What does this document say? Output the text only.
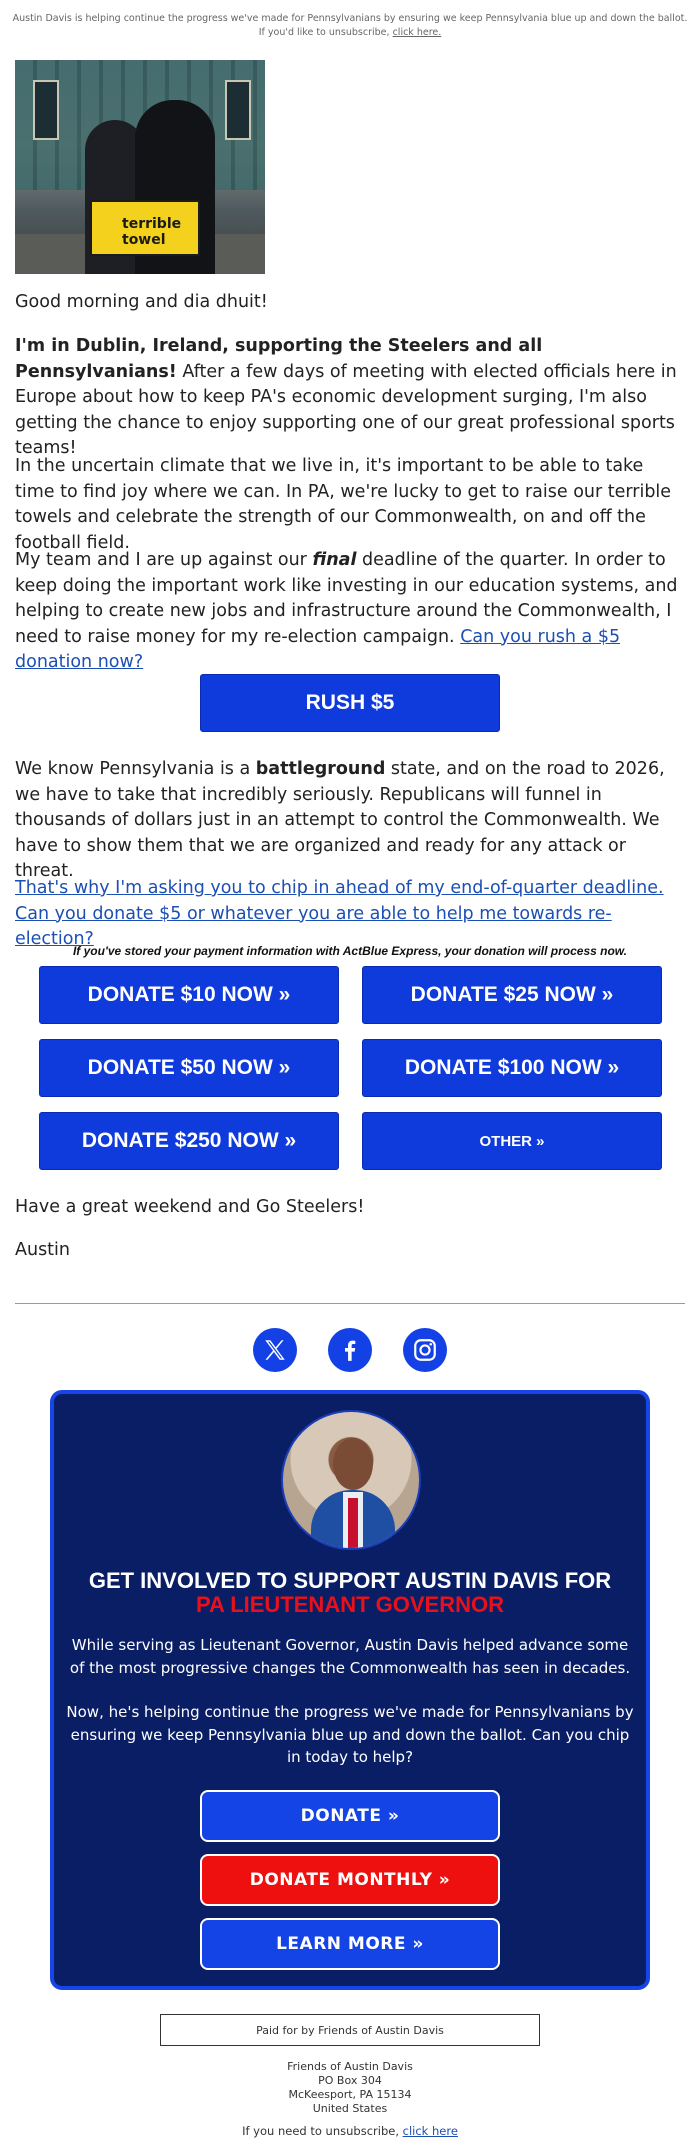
Austin Davis is helping continue the progress we've made for Pennsylvanians by ensuring we keep Pennsylvania blue up and down the ballot.
If you'd like to unsubscribe, click here.
terrible towel

Good morning and dia dhuit!

I'm in Dublin, Ireland, supporting the Steelers and all Pennsylvanians! After a few days of meeting with elected officials here in Europe about how to keep PA's economic development surging, I'm also getting the chance to enjoy supporting one of our great professional sports teams!

In the uncertain climate that we live in, it's important to be able to take time to find joy where we can. In PA, we're lucky to get to raise our terrible towels and celebrate the strength of our Commonwealth, on and off the football field.

My team and I are up against our final deadline of the quarter. In order to keep doing the important work like investing in our education systems, and helping to create new jobs and infrastructure around the Commonwealth, I need to raise money for my re-election campaign. Can you rush a $5 donation now?

RUSH $5

We know Pennsylvania is a battleground state, and on the road to 2026, we have to take that incredibly seriously. Republicans will funnel in thousands of dollars just in an attempt to control the Commonwealth. We have to show them that we are organized and ready for any attack or threat.

That's why I'm asking you to chip in ahead of my end-of-quarter deadline. Can you donate $5 or whatever you are able to help me towards re-election?

If you've stored your payment information with ActBlue Express, your donation will process now.
DONATE $10 NOW »	DONATE $25 NOW »
DONATE $50 NOW »	DONATE $100 NOW »
DONATE $250 NOW »	OTHER »

Have a great weekend and Go Steelers!

Austin

GET INVOLVED TO SUPPORT AUSTIN DAVIS FOR
PA LIEUTENANT GOVERNOR

While serving as Lieutenant Governor, Austin Davis helped advance some of the most progressive changes the Commonwealth has seen in decades.

Now, he's helping continue the progress we've made for Pennsylvanians by ensuring we keep Pennsylvania blue up and down the ballot. Can you chip in today to help?

DONATE »
DONATE MONTHLY »
LEARN MORE »
Paid for by Friends of Austin Davis
Friends of Austin Davis
PO Box 304
McKeesport, PA 15134
United States
If you need to unsubscribe, click here
